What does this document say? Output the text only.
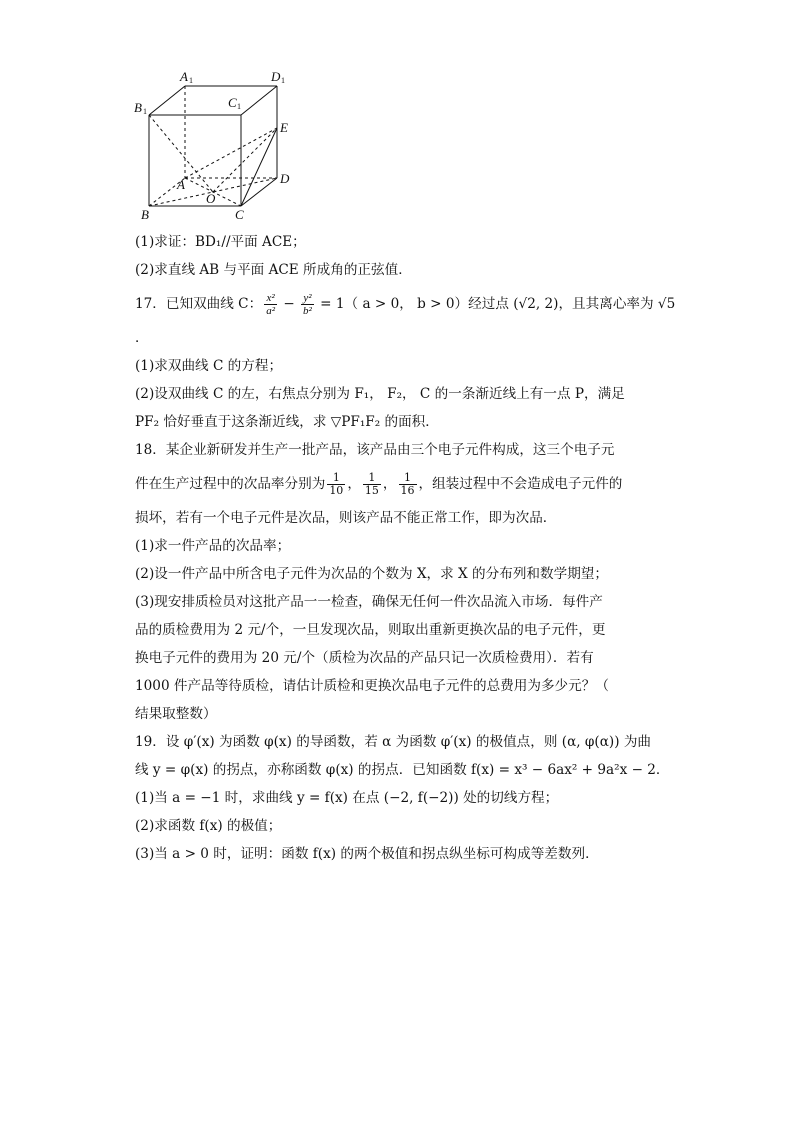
A 1	D 1
B 1
C 1
E
A	D
O
B	C
(1)求证：BD₁//平面 ACE；
(2)求直线 AB 与平面 ACE 所成角的正弦值．
17．已知双曲线 C： $\frac{\text{x²}}{\text{a²}} - \frac{\text{y²}}{\text{b²}} = 1$（ a > 0， b > 0）经过点 (√2, 2)，且其离心率为 √5
．
(1)求双曲线 C 的方程；
(2)设双曲线 C 的左，右焦点分别为 F₁， F₂， C 的一条渐近线上有一点 P，满足
PF₂ 恰好垂直于这条渐近线，求 ▽PF₁F₂ 的面积．
18．某企业新研发并生产一批产品，该产品由三个电子元件构成，这三个电子元
件在生产过程中的次品率分别为 $\frac{1}{10}$ ， $\frac{1}{15}$ ， $\frac{1}{16}$ ，组装过程中不会造成电子元件的
损坏，若有一个电子元件是次品，则该产品不能正常工作，即为次品．
(1)求一件产品的次品率；
(2)设一件产品中所含电子元件为次品的个数为 X，求 X 的分布列和数学期望；
(3)现安排质检员对这批产品一一检查，确保无任何一件次品流入市场．每件产
品的质检费用为 2 元/个，一旦发现次品，则取出重新更换次品的电子元件，更
换电子元件的费用为 20 元/个（质检为次品的产品只记一次质检费用）．若有
1000 件产品等待质检，请估计质检和更换次品电子元件的总费用为多少元？（
结果取整数）
19．设 φ′(x) 为函数 φ(x) 的导函数，若 α 为函数 φ′(x) 的极值点，则 (α, φ(α)) 为曲
线 y = φ(x) 的拐点，亦称函数 φ(x) 的拐点．已知函数 f(x) = x³ − 6ax² + 9a²x − 2．
(1)当 a = −1 时，求曲线 y = f(x) 在点 (−2, f(−2)) 处的切线方程；
(2)求函数 f(x) 的极值；
(3)当 a > 0 时，证明：函数 f(x) 的两个极值和拐点纵坐标可构成等差数列．
